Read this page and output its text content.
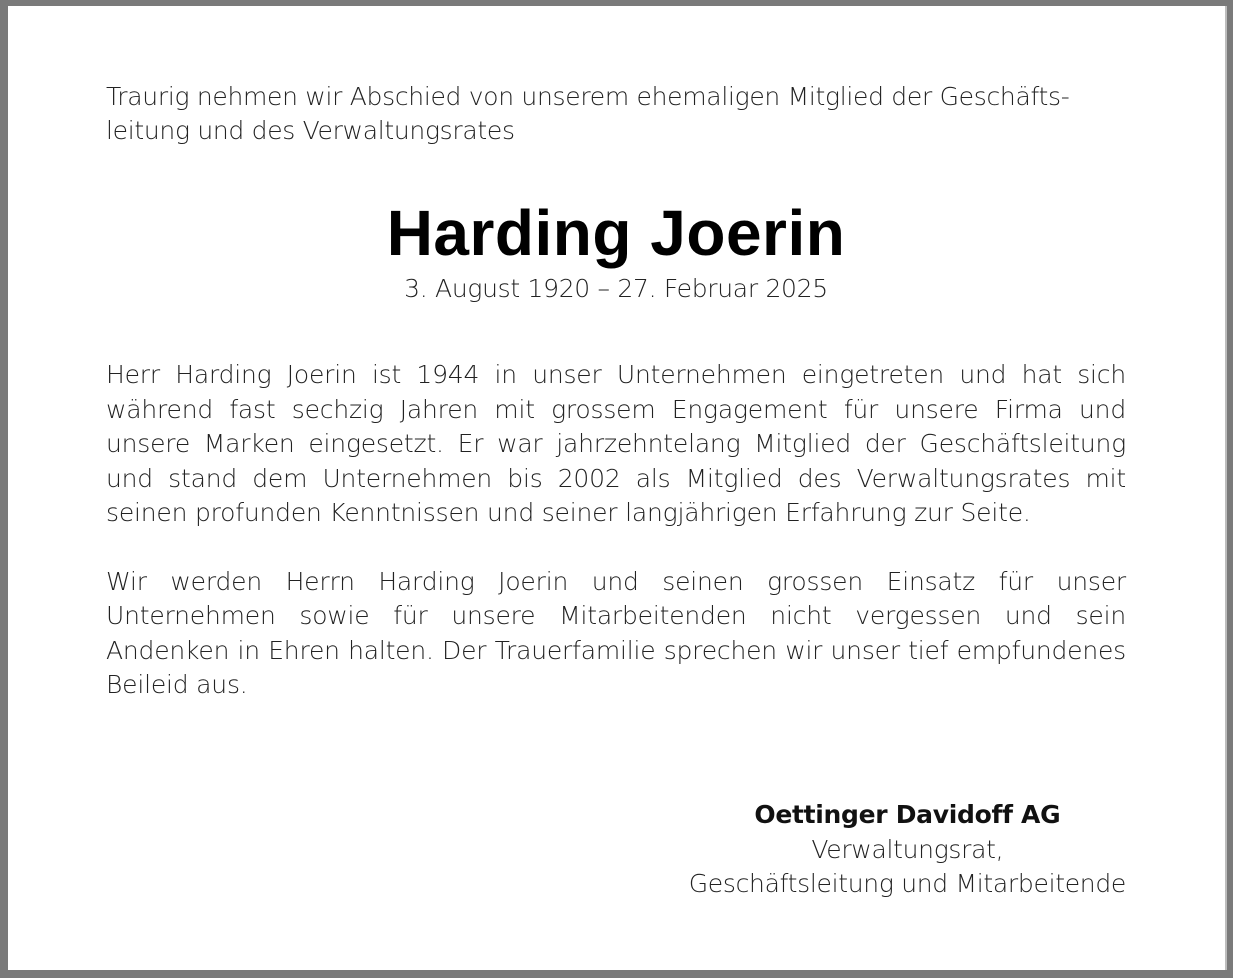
Traurig nehmen wir Abschied von unserem ehemaligen Mitglied der Geschäfts-
leitung und des Verwaltungsrates

Harding Joerin

3. August 1920 – 27. Februar 2025

Herr Harding Joerin ist 1944 in unser Unternehmen eingetreten und hat sich während fast sechzig Jahren mit grossem Engagement für unsere Firma und unsere Marken eingesetzt. Er war jahrzehntelang Mitglied der Geschäftsleitung und stand dem Unternehmen bis 2002 als Mitglied des Verwaltungsrates mit seinen profunden Kenntnissen und seiner langjährigen Erfahrung zur Seite.

Wir werden Herrn Harding Joerin und seinen grossen Einsatz für unser Unternehmen sowie für unsere Mitarbeitenden nicht vergessen und sein Andenken in Ehren halten. Der Trauerfamilie sprechen wir unser tief empfundenes Beileid aus.

Oettinger Davidoff AG
Verwaltungsrat,
Geschäftsleitung und Mitarbeitende
